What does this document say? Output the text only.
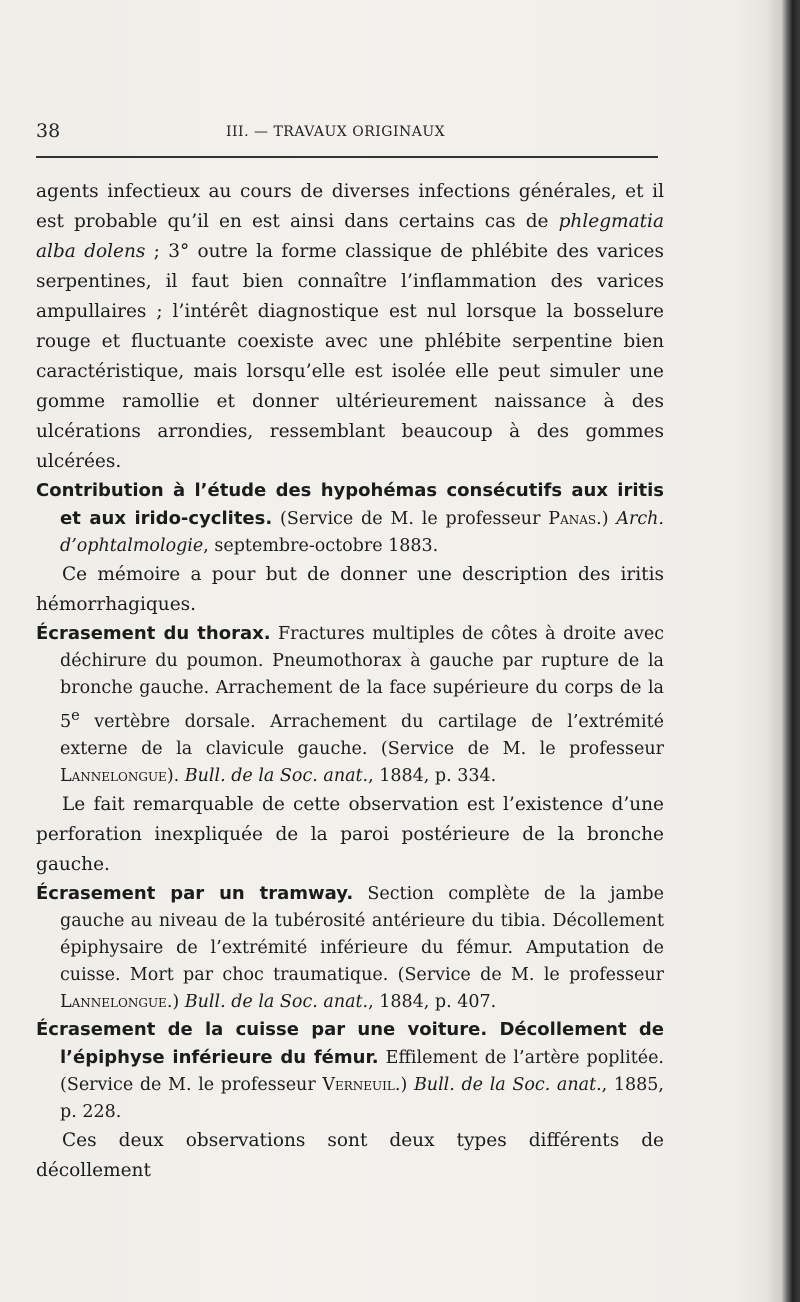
38	III. — TRAVAUX ORIGINAUX

agents infectieux au cours de diverses infections générales, et il est probable qu’il en est ainsi dans certains cas de phlegmatia alba dolens ; 3° outre la forme classique de phlébite des varices serpentines, il faut bien connaître l’inflammation des varices ampullaires ; l’intérêt diagnostique est nul lorsque la bosselure rouge et fluctuante coexiste avec une phlébite serpentine bien caractéristique, mais lorsqu’elle est isolée elle peut simuler une gomme ramollie et donner ultérieurement naissance à des ulcérations arrondies, ressemblant beaucoup à des gommes ulcérées.

Contribution à l’étude des hypohémas consécutifs aux iritis et aux irido-cyclites. (Service de M. le professeur Panas.) Arch. d’ophtalmologie, septembre-octobre 1883.

Ce mémoire a pour but de donner une description des iritis hémorrhagiques.

Écrasement du thorax. Fractures multiples de côtes à droite avec déchirure du poumon. Pneumothorax à gauche par rupture de la bronche gauche. Arrachement de la face supérieure du corps de la 5e vertèbre dorsale. Arrachement du cartilage de l’extrémité externe de la clavicule gauche. (Service de M. le professeur Lannelongue). Bull. de la Soc. anat., 1884, p. 334.

Le fait remarquable de cette observation est l’existence d’une perforation inexpliquée de la paroi postérieure de la bronche gauche.

Écrasement par un tramway. Section complète de la jambe gauche au niveau de la tubérosité antérieure du tibia. Décollement épiphysaire de l’extrémité inférieure du fémur. Amputation de cuisse. Mort par choc traumatique. (Service de M. le professeur Lannelongue.) Bull. de la Soc. anat., 1884, p. 407.

Écrasement de la cuisse par une voiture. Décollement de l’épiphyse inférieure du fémur. Effilement de l’artère poplitée. (Service de M. le professeur Verneuil.) Bull. de la Soc. anat., 1885, p. 228.

Ces deux observations sont deux types différents de décollement
